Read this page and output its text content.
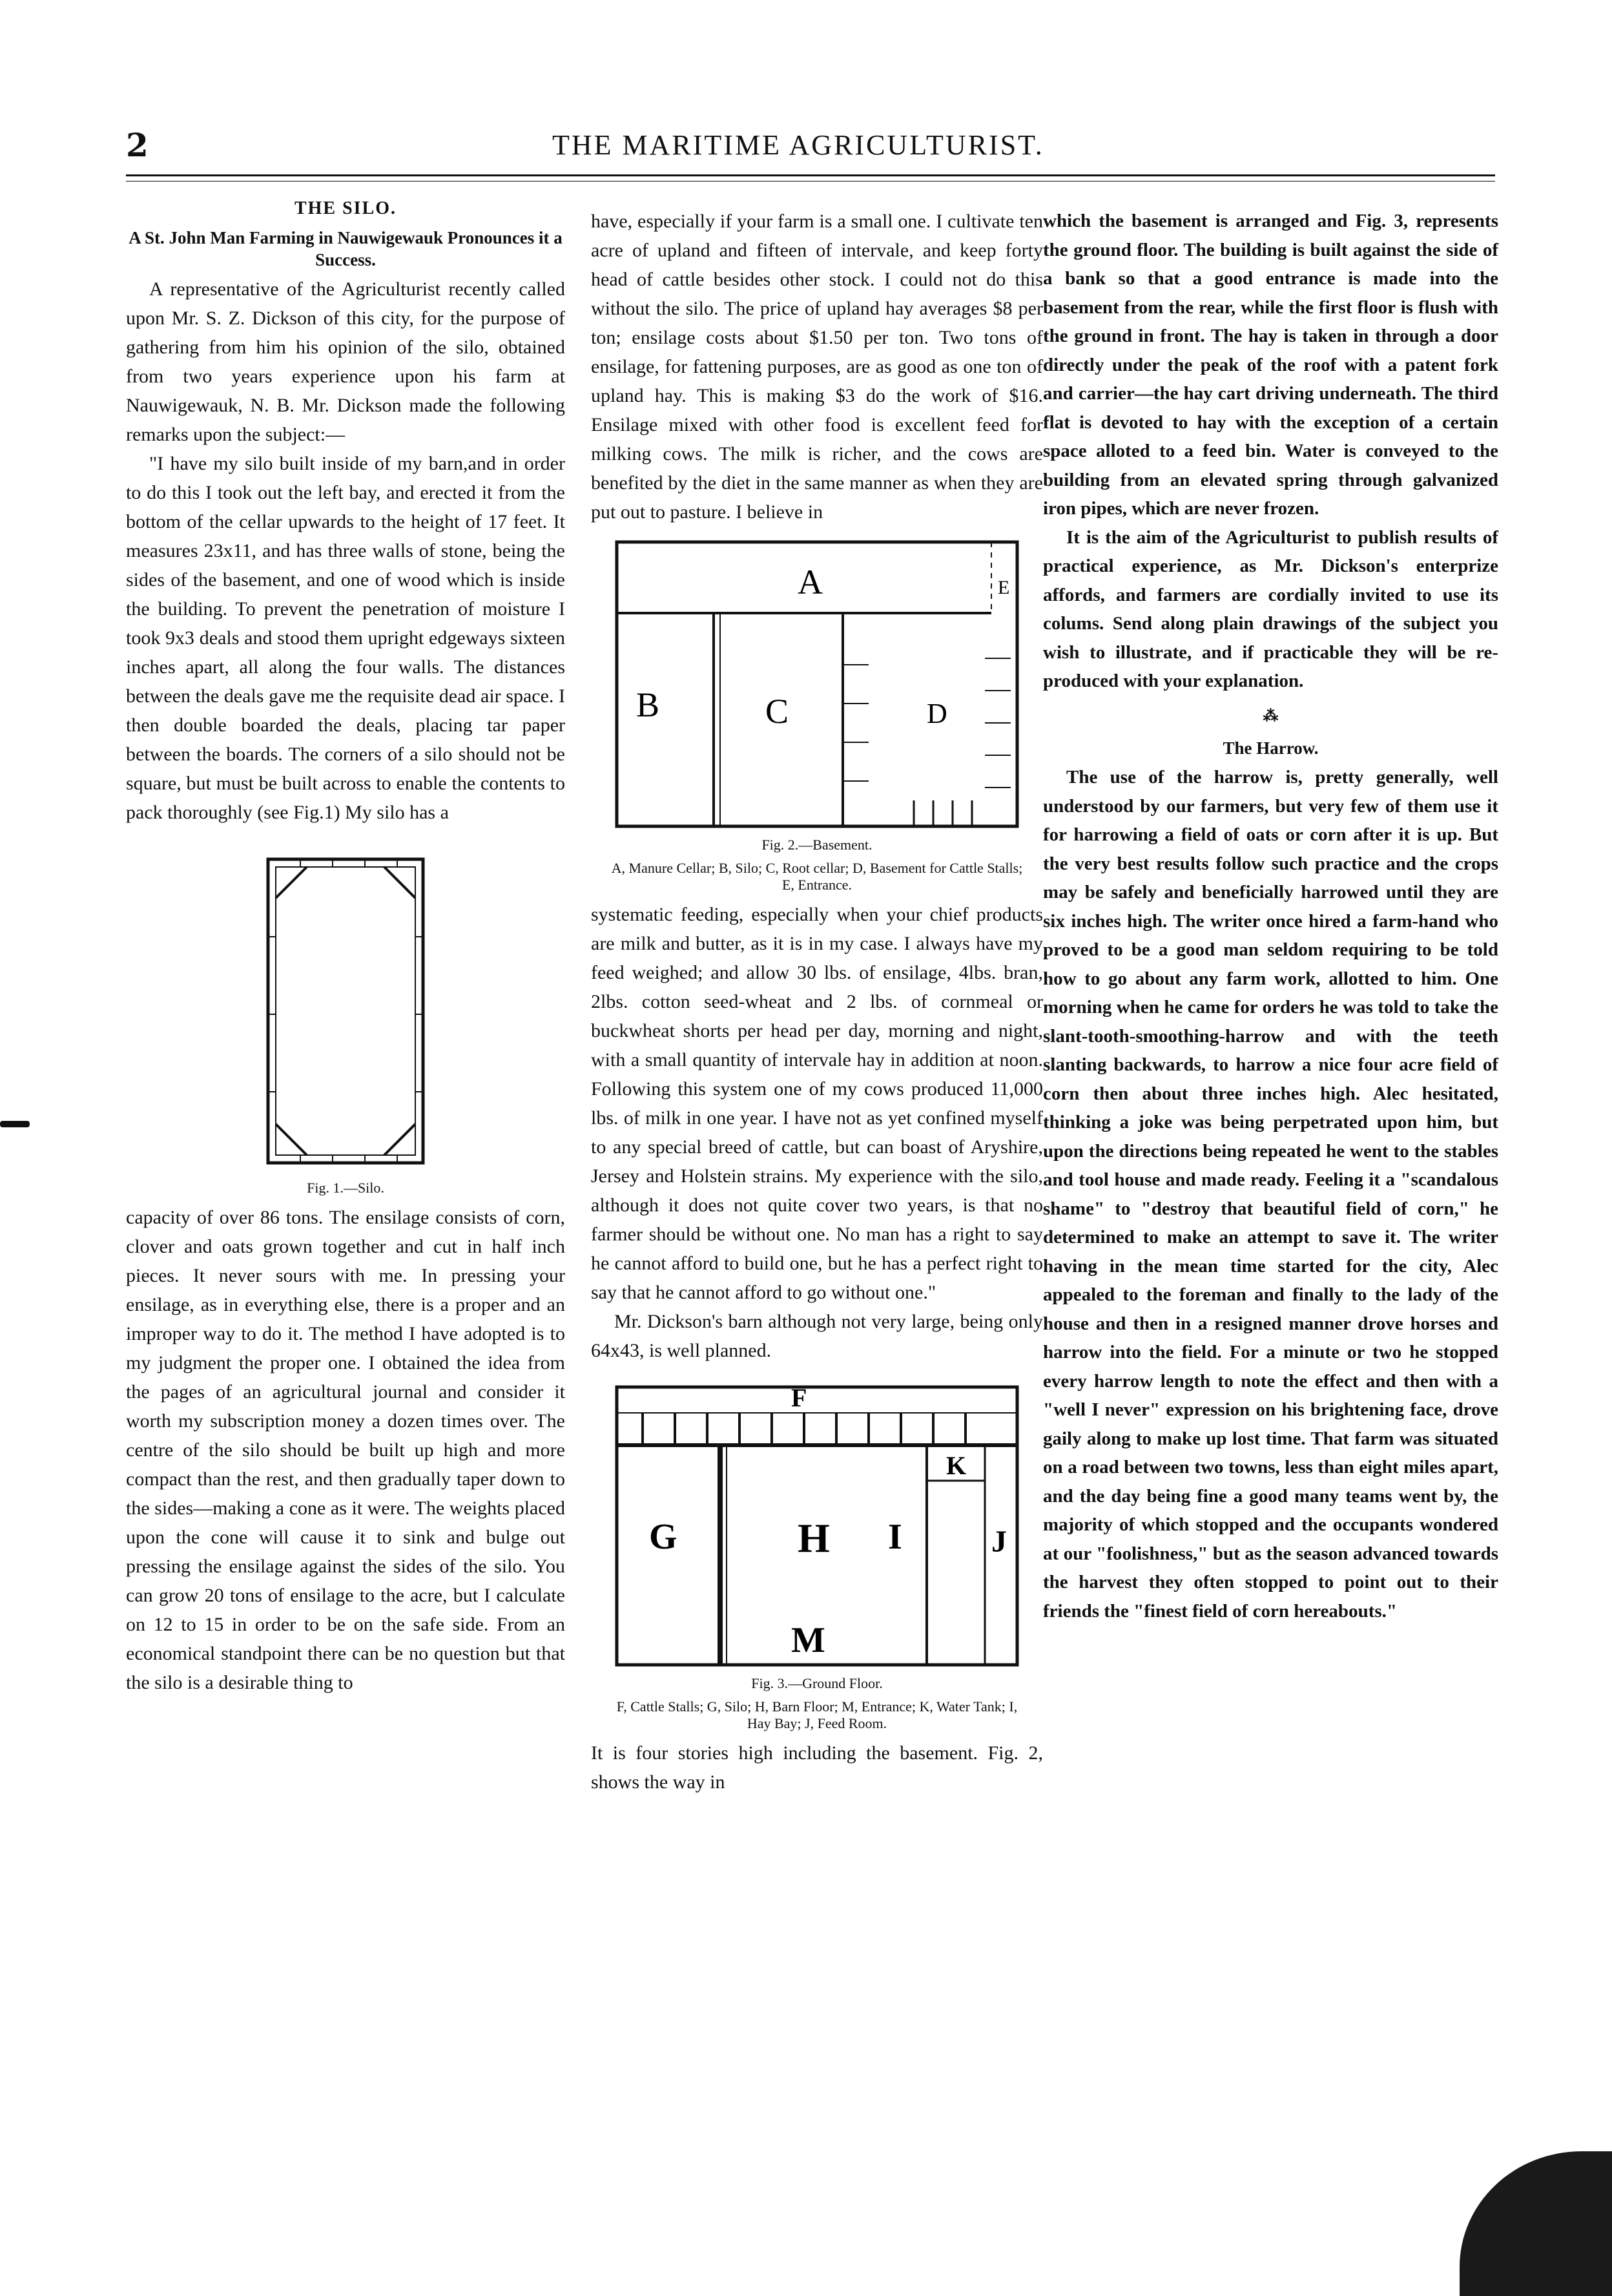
2	THE MARITIME AGRICULTURIST.
THE SILO.
A St. John Man Farming in Nauwigewauk Pronounces it a Success.

A representative of the Agriculturist recently called upon Mr. S. Z. Dickson of this city, for the purpose of gathering from him his opinion of the silo, obtained from two years experience upon his farm at Nauwigewauk, N. B. Mr. Dickson made the following remarks upon the subject:—

"I have my silo built inside of my barn,and in order to do this I took out the left bay, and erected it from the bottom of the cellar upwards to the height of 17 feet. It measures 23x11, and has three walls of stone, being the sides of the basement, and one of wood which is inside the building. To prevent the penetration of moisture I took 9x3 deals and stood them upright edgeways sixteen inches apart, all along the four walls. The distances between the deals gave me the requisite dead air space. I then double boarded the deals, placing tar paper between the boards. The corners of a silo should not be square, but must be built across to enable the contents to pack thoroughly (see Fig.1) My silo has a

Fig. 1.—Silo.

capacity of over 86 tons. The ensilage consists of corn, clover and oats grown together and cut in half inch pieces. It never sours with me. In pressing your ensilage, as in everything else, there is a proper and an improper way to do it. The method I have adopted is to my judgment the proper one. I obtained the idea from the pages of an agricultural journal and consider it worth my subscription money a dozen times over. The centre of the silo should be built up high and more compact than the rest, and then gradually taper down to the sides—making a cone as it were. The weights placed upon the cone will cause it to sink and bulge out pressing the ensilage against the sides of the silo. You can grow 20 tons of ensilage to the acre, but I calculate on 12 to 15 in order to be on the safe side. From an economical standpoint there can be no question but that the silo is a desirable thing to

have, especially if your farm is a small one. I cultivate ten acre of upland and fifteen of intervale, and keep forty head of cattle besides other stock. I could not do this without the silo. The price of upland hay averages $8 per ton; ensilage costs about $1.50 per ton. Two tons of ensilage, for fattening purposes, are as good as one ton of upland hay. This is making $3 do the work of $16. Ensilage mixed with other food is excellent feed for milking cows. The milk is richer, and the cows are benefited by the diet in the same manner as when they are put out to pasture. I believe in

A
B	C	D
E
Fig. 2.—Basement.
A, Manure Cellar; B, Silo; C, Root cellar; D, Basement for Cattle Stalls; E, Entrance.

systematic feeding, especially when your chief products are milk and butter, as it is in my case. I always have my feed weighed; and allow 30 lbs. of ensilage, 4lbs. bran, 2lbs. cotton seed-wheat and 2 lbs. of cornmeal or buckwheat shorts per head per day, morning and night, with a small quantity of intervale hay in addition at noon. Following this system one of my cows produced 11,000 lbs. of milk in one year. I have not as yet confined myself to any special breed of cattle, but can boast of Aryshire, Jersey and Holstein strains. My experience with the silo, although it does not quite cover two years, is that no farmer should be without one. No man has a right to say he cannot afford to build one, but he has a perfect right to say that he cannot afford to go without one."

Mr. Dickson's barn although not very large, being only 64x43, is well planned.

G	H I	J
K
F
M
Fig. 3.—Ground Floor.
F, Cattle Stalls; G, Silo; H, Barn Floor; M, Entrance; K, Water Tank; I, Hay Bay; J, Feed Room.

It is four stories high including the basement. Fig. 2, shows the way in

which the basement is arranged and Fig. 3, represents the ground floor. The building is built against the side of a bank so that a good entrance is made into the basement from the rear, while the first floor is flush with the ground in front. The hay is taken in through a door directly under the peak of the roof with a patent fork and carrier—the hay cart driving underneath. The third flat is devoted to hay with the exception of a certain space alloted to a feed bin. Water is conveyed to the building from an elevated spring through galvanized iron pipes, which are never frozen.

It is the aim of the Agriculturist to publish results of practical experience, as Mr. Dickson's enterprize affords, and farmers are cordially invited to use its colums. Send along plain drawings of the subject you wish to illustrate, and if practicable they will be re-produced with your explanation.

⁂
The Harrow.

The use of the harrow is, pretty generally, well understood by our farmers, but very few of them use it for harrowing a field of oats or corn after it is up. But the very best results follow such practice and the crops may be safely and beneficially harrowed until they are six inches high. The writer once hired a farm-hand who proved to be a good man seldom requiring to be told how to go about any farm work, allotted to him. One morning when he came for orders he was told to take the slant-tooth-smoothing-harrow and with the teeth slanting backwards, to harrow a nice four acre field of corn then about three inches high. Alec hesitated, thinking a joke was being perpetrated upon him, but upon the directions being repeated he went to the stables and tool house and made ready. Feeling it a "scandalous shame" to "destroy that beautiful field of corn," he determined to make an attempt to save it. The writer having in the mean time started for the city, Alec appealed to the foreman and finally to the lady of the house and then in a resigned manner drove horses and harrow into the field. For a minute or two he stopped every harrow length to note the effect and then with a "well I never" expression on his brightening face, drove gaily along to make up lost time. That farm was situated on a road between two towns, less than eight miles apart, and the day being fine a good many teams went by, the majority of which stopped and the occupants wondered at our "foolishness," but as the season advanced towards the harvest they often stopped to point out to their friends the "finest field of corn hereabouts."
